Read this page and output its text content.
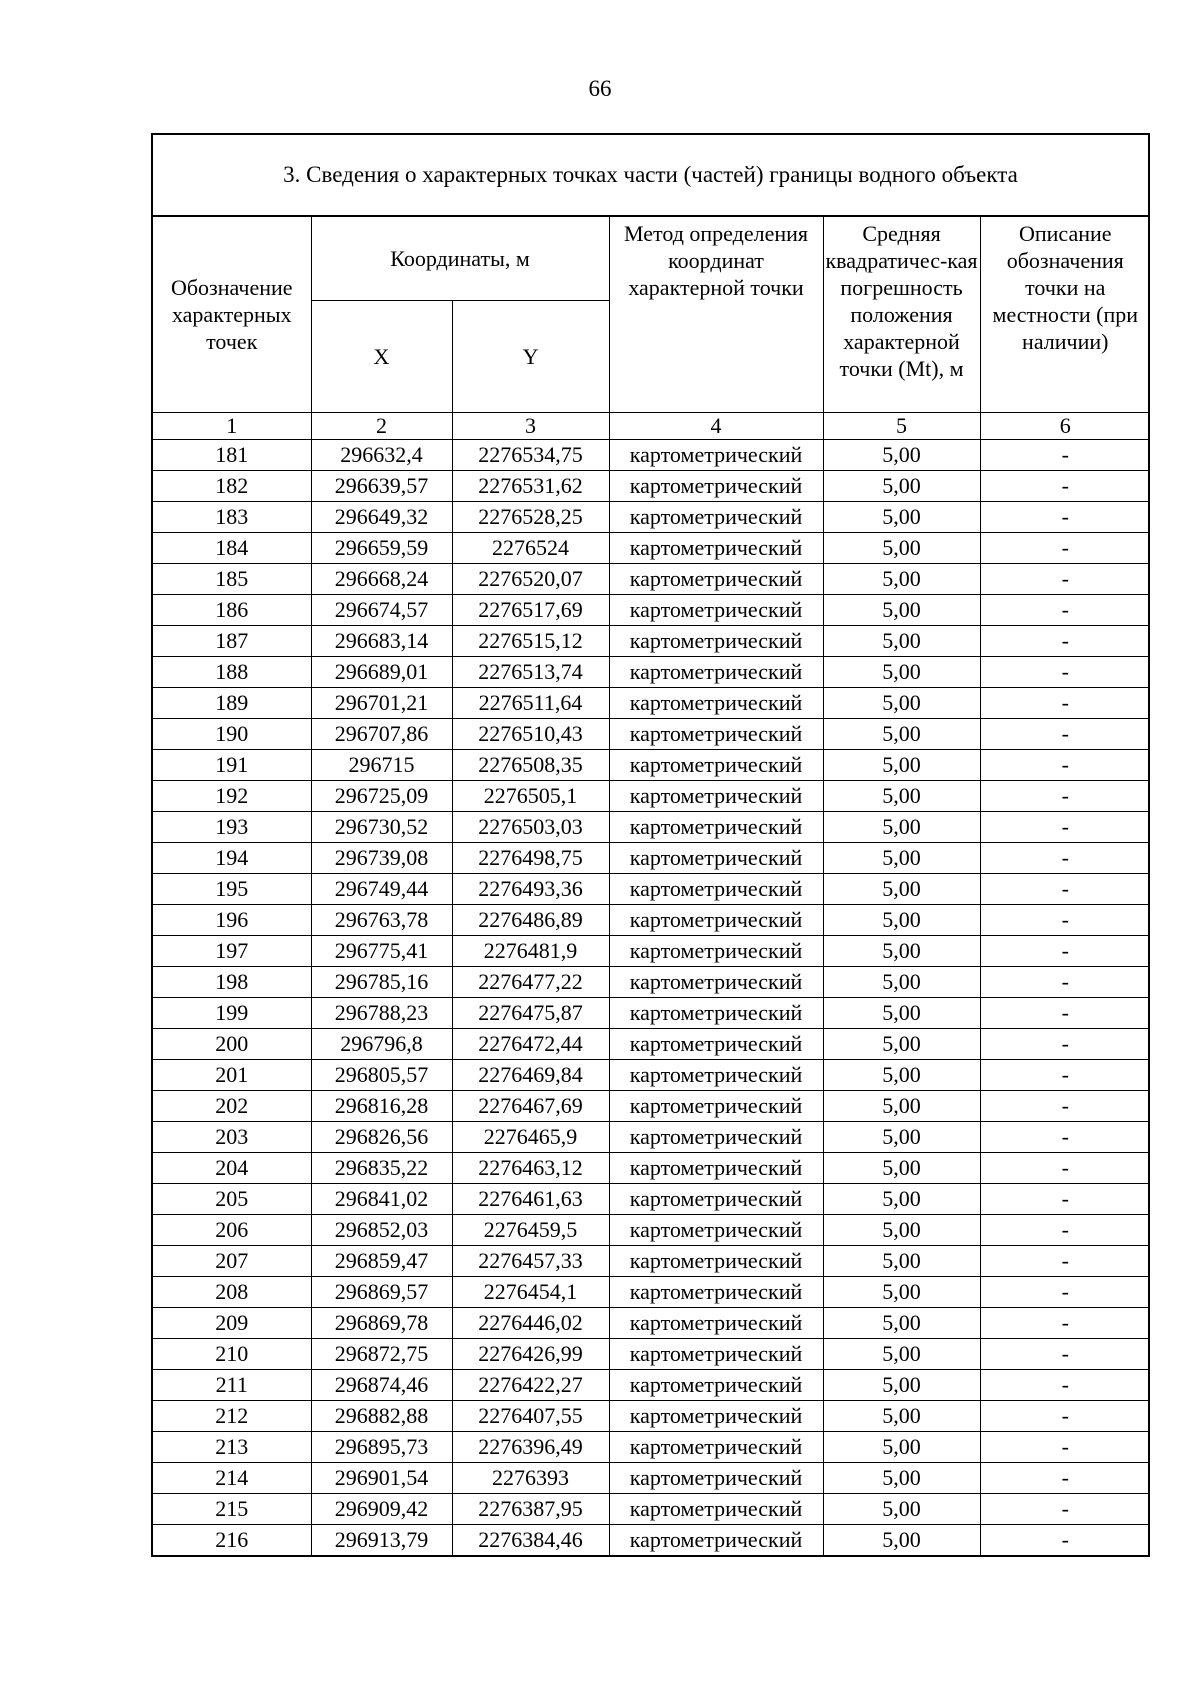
66
3. Сведения о характерных точках части (частей) границы водного объекта
Обозначение характерных точек	Координаты, м		Метод определения координат характерной точки	Средняя квадратичес-кая погрешность положения характерной точки (Mt), м	Описание обозначения точки на местности (при наличии)
	X	Y			
1	2	3	4	5	6
181	296632,4	2276534,75	картометрический	5,00	-
182	296639,57	2276531,62	картометрический	5,00	-
183	296649,32	2276528,25	картометрический	5,00	-
184	296659,59	2276524	картометрический	5,00	-
185	296668,24	2276520,07	картометрический	5,00	-
186	296674,57	2276517,69	картометрический	5,00	-
187	296683,14	2276515,12	картометрический	5,00	-
188	296689,01	2276513,74	картометрический	5,00	-
189	296701,21	2276511,64	картометрический	5,00	-
190	296707,86	2276510,43	картометрический	5,00	-
191	296715	2276508,35	картометрический	5,00	-
192	296725,09	2276505,1	картометрический	5,00	-
193	296730,52	2276503,03	картометрический	5,00	-
194	296739,08	2276498,75	картометрический	5,00	-
195	296749,44	2276493,36	картометрический	5,00	-
196	296763,78	2276486,89	картометрический	5,00	-
197	296775,41	2276481,9	картометрический	5,00	-
198	296785,16	2276477,22	картометрический	5,00	-
199	296788,23	2276475,87	картометрический	5,00	-
200	296796,8	2276472,44	картометрический	5,00	-
201	296805,57	2276469,84	картометрический	5,00	-
202	296816,28	2276467,69	картометрический	5,00	-
203	296826,56	2276465,9	картометрический	5,00	-
204	296835,22	2276463,12	картометрический	5,00	-
205	296841,02	2276461,63	картометрический	5,00	-
206	296852,03	2276459,5	картометрический	5,00	-
207	296859,47	2276457,33	картометрический	5,00	-
208	296869,57	2276454,1	картометрический	5,00	-
209	296869,78	2276446,02	картометрический	5,00	-
210	296872,75	2276426,99	картометрический	5,00	-
211	296874,46	2276422,27	картометрический	5,00	-
212	296882,88	2276407,55	картометрический	5,00	-
213	296895,73	2276396,49	картометрический	5,00	-
214	296901,54	2276393	картометрический	5,00	-
215	296909,42	2276387,95	картометрический	5,00	-
216	296913,79	2276384,46	картометрический	5,00	-
